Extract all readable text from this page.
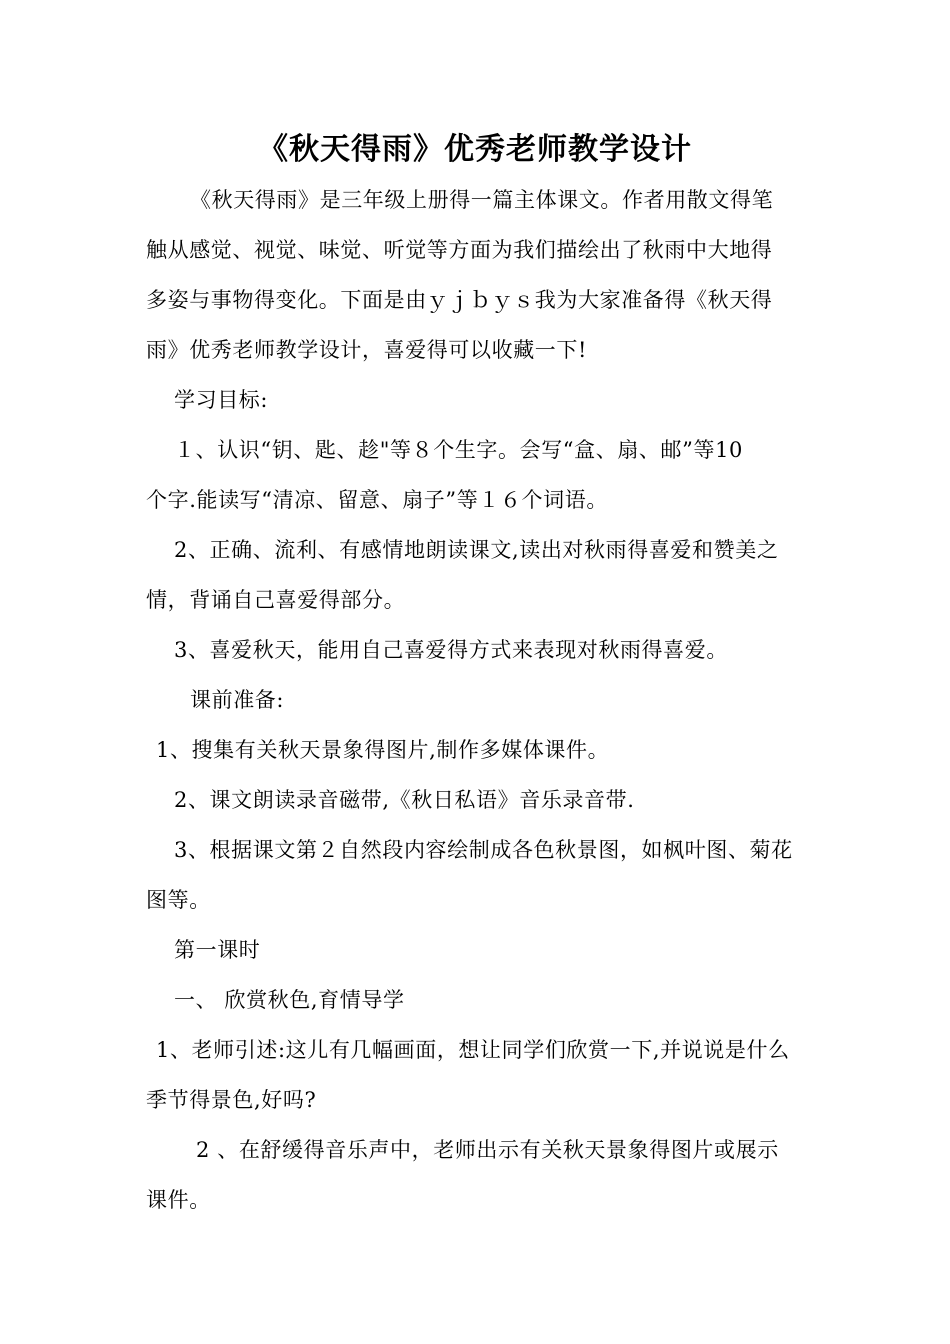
《秋天得雨》优秀老师教学设计
《秋天得雨》是三年级上册得一篇主体课文。作者用散文得笔
触从感觉、视觉、味觉、听觉等方面为我们描绘出了秋雨中大地得
多姿与事物得变化。下面是由ｙｊｂｙｓ我为大家准备得《秋天得
雨》优秀老师教学设计，喜爱得可以收藏一下!
学习目标:
１、认识“钥、匙、趁"等８个生字。会写“盒、扇、邮”等10
个字.能读写“清凉、留意、扇子”等１６个词语。
2、正确、流利、有感情地朗读课文,读出对秋雨得喜爱和赞美之
情，背诵自己喜爱得部分。
3、喜爱秋天，能用自己喜爱得方式来表现对秋雨得喜爱。
课前准备:
1、搜集有关秋天景象得图片,制作多媒体课件。
2、课文朗读录音磁带,《秋日私语》音乐录音带.
3、根据课文第２自然段内容绘制成各色秋景图，如枫叶图、菊花
图等。
第一课时
一、 欣赏秋色,育情导学
1、老师引述:这儿有几幅画面，想让同学们欣赏一下,并说说是什么
季节得景色,好吗?
2 、在舒缓得音乐声中，老师出示有关秋天景象得图片或展示
课件。
